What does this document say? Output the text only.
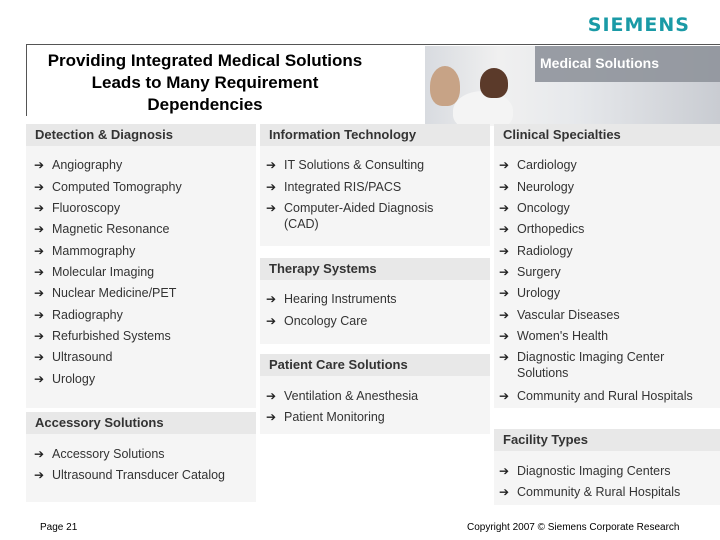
SIEMENS
Providing Integrated Medical Solutions Leads to Many Requirement Dependencies
Medical Solutions
Detection & Diagnosis
➔ Angiography
➔ Computed Tomography
➔ Fluoroscopy
➔ Magnetic Resonance
➔ Mammography
➔ Molecular Imaging
➔ Nuclear Medicine/PET
➔ Radiography
➔ Refurbished Systems
➔ Ultrasound
➔ Urology
Accessory Solutions
➔ Accessory Solutions
➔ Ultrasound Transducer Catalog
Information Technology
➔ IT Solutions & Consulting
➔ Integrated RIS/PACS
➔ Computer-Aided Diagnosis (CAD)
Therapy Systems
➔ Hearing Instruments
➔ Oncology Care
Patient Care Solutions
➔ Ventilation & Anesthesia
➔ Patient Monitoring
Clinical Specialties
➔ Cardiology
➔ Neurology
➔ Oncology
➔ Orthopedics
➔ Radiology
➔ Surgery
➔ Urology
➔ Vascular Diseases
➔ Women's Health
➔ Diagnostic Imaging Center Solutions
➔ Community and Rural Hospitals
Facility Types
➔ Diagnostic Imaging Centers
➔ Community & Rural Hospitals
Page 21	Copyright 2007 © Siemens Corporate Research
